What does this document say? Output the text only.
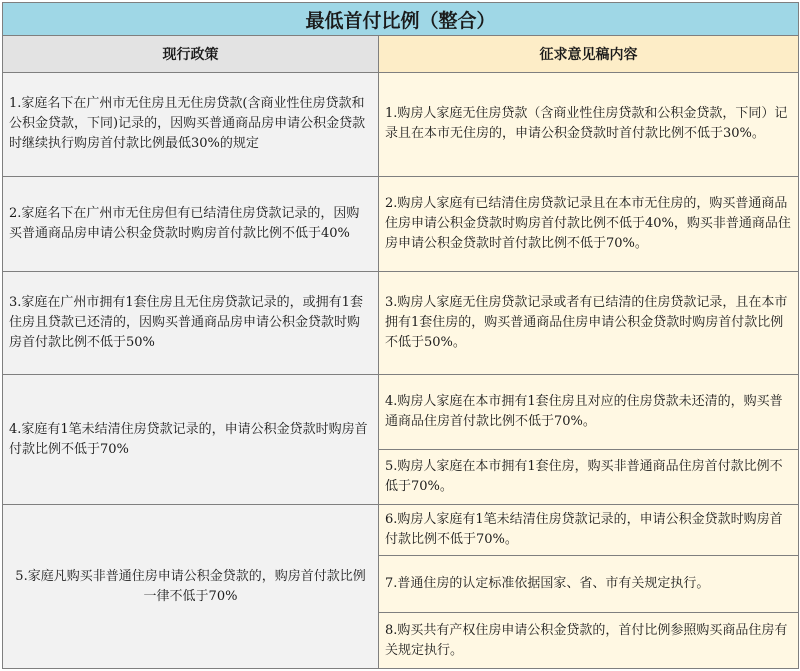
最低首付比例（整合）	
现行政策	征求意见稿内容
1.家庭名下在广州市无住房且无住房贷款(含商业性住房贷款和公积金贷款，下同)记录的，因购买普通商品房申请公积金贷款时继续执行购房首付款比例最低30%的规定	1.购房人家庭无住房贷款（含商业性住房贷款和公积金贷款，下同）记录且在本市无住房的，申请公积金贷款时首付款比例不低于30%。
2.家庭名下在广州市无住房但有已结清住房贷款记录的，因购买普通商品房申请公积金贷款时购房首付款比例不低于40%	2.购房人家庭有已结清住房贷款记录且在本市无住房的，购买普通商品住房申请公积金贷款时购房首付款比例不低于40%，购买非普通商品住房申请公积金贷款时首付款比例不低于70%。
3.家庭在广州市拥有1套住房且无住房贷款记录的，或拥有1套住房且贷款已还清的，因购买普通商品房申请公积金贷款时购房首付款比例不低于50%	3.购房人家庭无住房贷款记录或者有已结清的住房贷款记录，且在本市拥有1套住房的，购买普通商品住房申请公积金贷款时购房首付款比例不低于50%。
4.家庭有1笔未结清住房贷款记录的，申请公积金贷款时购房首付款比例不低于70%	4.购房人家庭在本市拥有1套住房且对应的住房贷款未还清的，购买普通商品住房首付款比例不低于70%。
	5.购房人家庭在本市拥有1套住房，购买非普通商品住房首付款比例不低于70%。
5.家庭凡购买非普通住房申请公积金贷款的，购房首付款比例一律不低于70%	6.购房人家庭有1笔未结清住房贷款记录的，申请公积金贷款时购房首付款比例不低于70%。
	7.普通住房的认定标准依据国家、省、市有关规定执行。
	8.购买共有产权住房申请公积金贷款的，首付比例参照购买商品住房有关规定执行。
